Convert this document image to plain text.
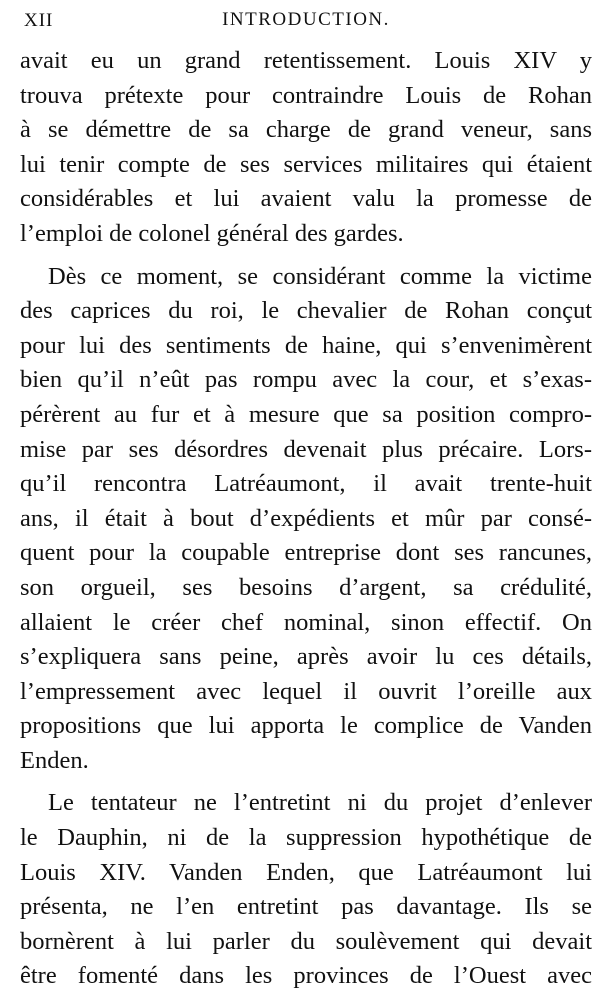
XII	INTRODUCTION.
avait eu un grand retentissement. Louis XIV y
trouva prétexte pour contraindre Louis de Rohan
à se démettre de sa charge de grand veneur, sans
lui tenir compte de ses services militaires qui étaient
considérables et lui avaient valu la promesse de
l’emploi de colonel général des gardes.
Dès ce moment, se considérant comme la victime
des caprices du roi, le chevalier de Rohan conçut
pour lui des sentiments de haine, qui s’envenimèrent
bien qu’il n’eût pas rompu avec la cour, et s’exas-
pérèrent au fur et à mesure que sa position compro-
mise par ses désordres devenait plus précaire. Lors-
qu’il rencontra Latréaumont, il avait trente-huit
ans, il était à bout d’expédients et mûr par consé-
quent pour la coupable entreprise dont ses rancunes,
son orgueil, ses besoins d’argent, sa crédulité,
allaient le créer chef nominal, sinon effectif. On
s’expliquera sans peine, après avoir lu ces détails,
l’empressement avec lequel il ouvrit l’oreille aux
propositions que lui apporta le complice de Vanden
Enden.
Le tentateur ne l’entretint ni du projet d’enlever
le Dauphin, ni de la suppression hypothétique de
Louis XIV. Vanden Enden, que Latréaumont lui
présenta, ne l’en entretint pas davantage. Ils se
bornèrent à lui parler du soulèvement qui devait
être fomenté dans les provinces de l’Ouest avec
